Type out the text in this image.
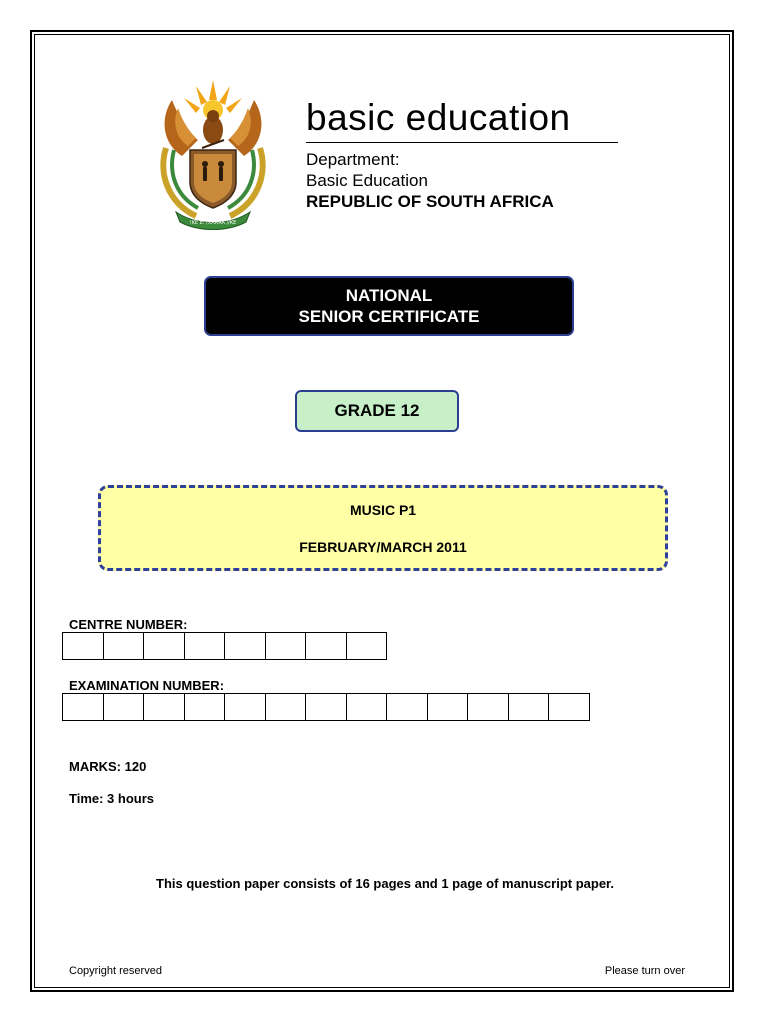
!KE E: /XARRA //KE
basic education
Department:
Basic Education
REPUBLIC OF SOUTH AFRICA
NATIONAL
SENIOR CERTIFICATE
GRADE 12
MUSIC P1
FEBRUARY/MARCH 2011
CENTRE NUMBER:
EXAMINATION NUMBER:
MARKS: 120
Time: 3 hours
This question paper consists of 16 pages and 1 page of manuscript paper.
Copyright reserved	Please turn over
